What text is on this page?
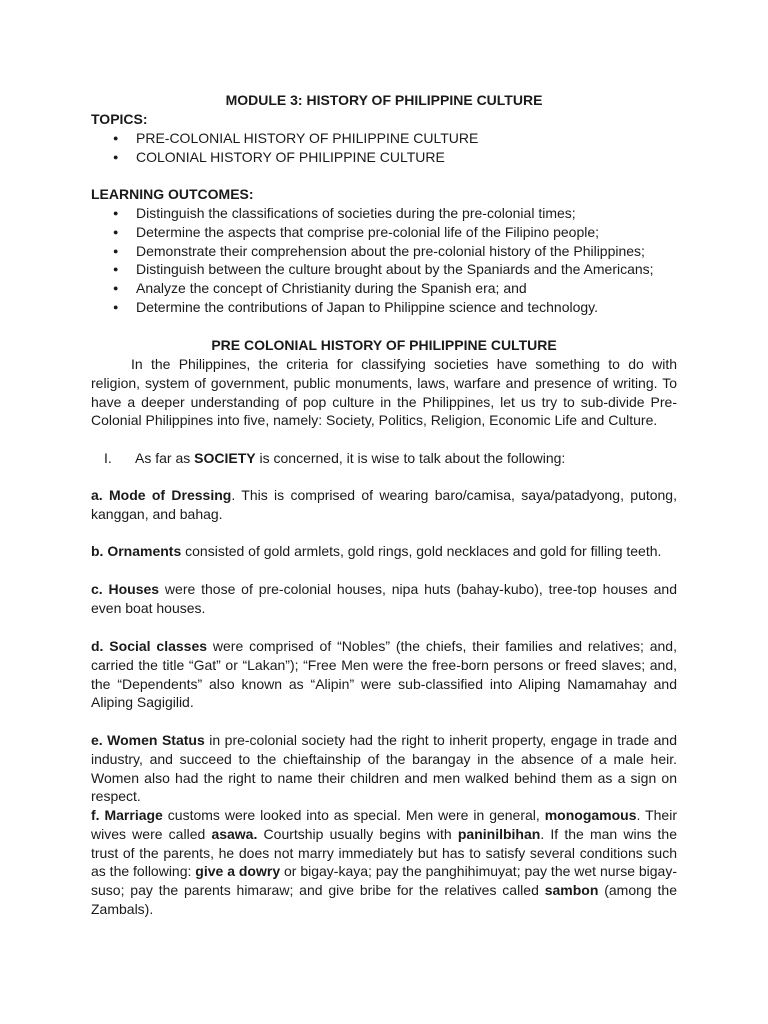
MODULE 3: HISTORY OF PHILIPPINE CULTURE
TOPICS:
● PRE-COLONIAL HISTORY OF PHILIPPINE CULTURE
● COLONIAL HISTORY OF PHILIPPINE CULTURE
LEARNING OUTCOMES:
● Distinguish the classifications of societies during the pre-colonial times;
● Determine the aspects that comprise pre-colonial life of the Filipino people;
● Demonstrate their comprehension about the pre-colonial history of the Philippines;
● Distinguish between the culture brought about by the Spaniards and the Americans;
● Analyze the concept of Christianity during the Spanish era; and
● Determine the contributions of Japan to Philippine science and technology.
PRE COLONIAL HISTORY OF PHILIPPINE CULTURE

In the Philippines, the criteria for classifying societies have something to do with religion, system of government, public monuments, laws, warfare and presence of writing. To have a deeper understanding of pop culture in the Philippines, let us try to sub-divide Pre-Colonial Philippines into five, namely: Society, Politics, Religion, Economic Life and Culture.

I. As far as SOCIETY is concerned, it is wise to talk about the following:

a. Mode of Dressing. This is comprised of wearing baro/camisa, saya/patadyong, putong, kanggan, and bahag.

b. Ornaments consisted of gold armlets, gold rings, gold necklaces and gold for filling teeth.

c. Houses were those of pre-colonial houses, nipa huts (bahay-kubo), tree-top houses and even boat houses.

d. Social classes were comprised of “Nobles” (the chiefs, their families and relatives; and, carried the title “Gat” or “Lakan”); “Free Men were the free-born persons or freed slaves; and, the “Dependents” also known as “Alipin” were sub-classified into Aliping Namamahay and Aliping Sagigilid.

e. Women Status in pre-colonial society had the right to inherit property, engage in trade and industry, and succeed to the chieftainship of the barangay in the absence of a male heir. Women also had the right to name their children and men walked behind them as a sign on respect.

f. Marriage customs were looked into as special. Men were in general, monogamous. Their wives were called asawa. Courtship usually begins with paninilbihan. If the man wins the trust of the parents, he does not marry immediately but has to satisfy several conditions such as the following: give a dowry or bigay-kaya; pay the panghihimuyat; pay the wet nurse bigay-suso; pay the parents himaraw; and give bribe for the relatives called sambon (among the Zambals).
